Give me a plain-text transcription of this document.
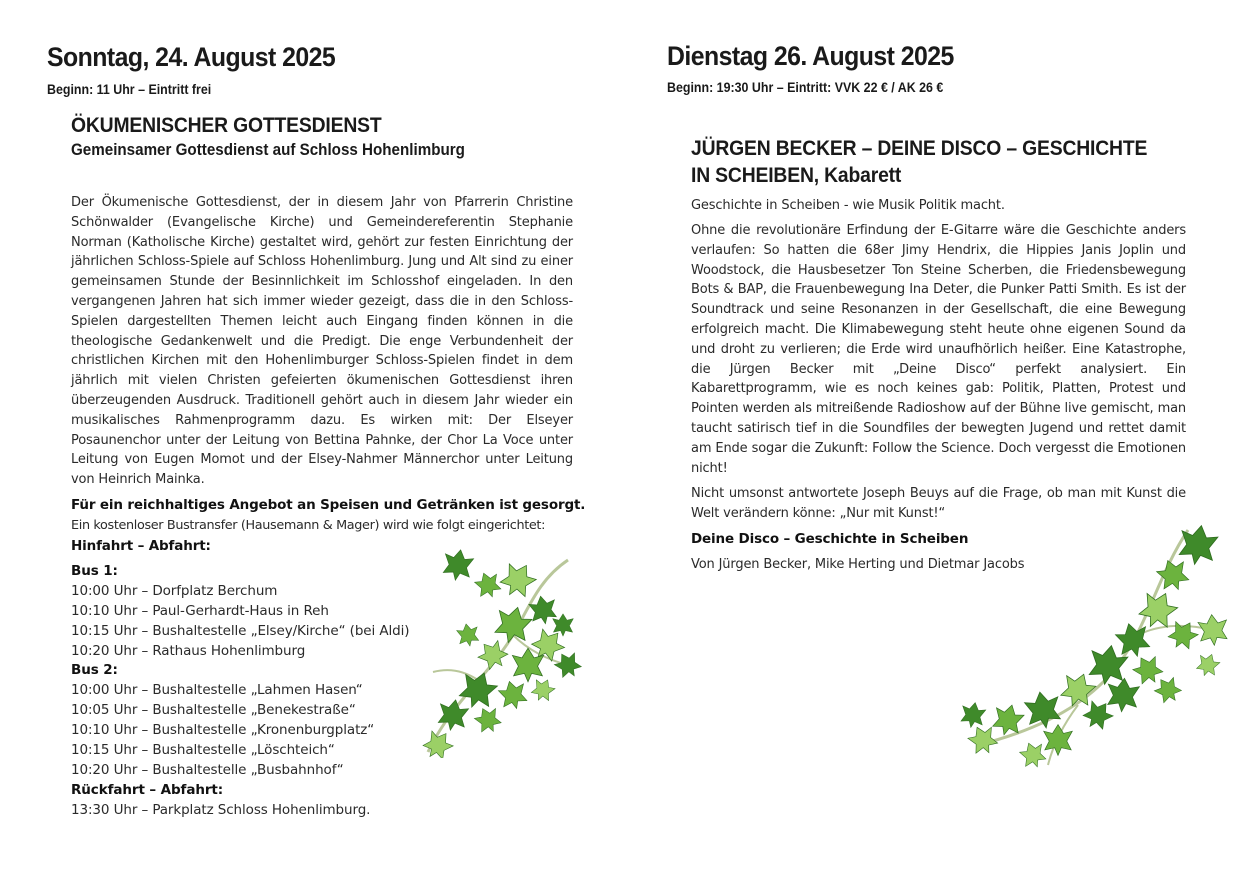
Sonntag, 24. August 2025

Beginn: 11 Uhr – Eintritt frei

ÖKUMENISCHER GOTTESDIENST
Gemeinsamer Gottesdienst auf Schloss Hohenlimburg

Der Ökumenische Gottesdienst, der in diesem Jahr von Pfarrerin Christine Schönwalder (Evangelische Kirche) und Gemeindereferentin Stephanie Norman (Katholische Kirche) gestaltet wird, gehört zur festen Einrichtung der jährlichen Schloss-Spiele auf Schloss Hohenlimburg. Jung und Alt sind zu einer gemeinsamen Stunde der Besinnlichkeit im Schlosshof eingeladen. In den vergangenen Jahren hat sich immer wieder gezeigt, dass die in den Schloss-Spielen dargestellten Themen leicht auch Eingang finden können in die theologische Gedankenwelt und die Predigt. Die enge Verbundenheit der christlichen Kirchen mit den Hohenlimburger Schloss-Spielen findet in dem jährlich mit vielen Christen gefeierten ökumenischen Gottesdienst ihren überzeugenden Ausdruck. Traditionell gehört auch in diesem Jahr wieder ein musikalisches Rahmenprogramm dazu. Es wirken mit: Der Elseyer Posaunenchor unter der Leitung von Bettina Pahnke, der Chor La Voce unter Leitung von Eugen Momot und der Elsey-Nahmer Männerchor unter Leitung von Heinrich Mainka.

Für ein reichhaltiges Angebot an Speisen und Getränken ist gesorgt.

Ein kostenloser Bustransfer (Hausemann & Mager) wird wie folgt eingerichtet:

Hinfahrt – Abfahrt:

Bus 1:
10:00 Uhr – Dorfplatz Berchum
10:10 Uhr – Paul-Gerhardt-Haus in Reh
10:15 Uhr – Bushaltestelle „Elsey/Kirche“ (bei Aldi)
10:20 Uhr – Rathaus Hohenlimburg
Bus 2:
10:00 Uhr – Bushaltestelle „Lahmen Hasen“
10:05 Uhr – Bushaltestelle „Benekestraße“
10:10 Uhr – Bushaltestelle „Kronenburgplatz“
10:15 Uhr – Bushaltestelle „Löschteich“
10:20 Uhr – Bushaltestelle „Busbahnhof“
Rückfahrt – Abfahrt:
13:30 Uhr – Parkplatz Schloss Hohenlimburg.
Dienstag 26. August 2025

Beginn: 19:30 Uhr – Eintritt: VVK 22 € / AK 26 €

JÜRGEN BECKER – DEINE DISCO – GESCHICHTE IN SCHEIBEN, Kabarett

Geschichte in Scheiben - wie Musik Politik macht.

Ohne die revolutionäre Erfindung der E-Gitarre wäre die Geschichte anders verlaufen: So hatten die 68er Jimy Hendrix, die Hippies Janis Joplin und Woodstock, die Hausbesetzer Ton Steine Scherben, die Friedensbewegung Bots & BAP, die Frauenbewegung Ina Deter, die Punker Patti Smith. Es ist der Soundtrack und seine Resonanzen in der Gesellschaft, die eine Bewegung erfolgreich macht. Die Klimabewegung steht heute ohne eigenen Sound da und droht zu verlieren; die Erde wird unaufhörlich heißer. Eine Katastrophe, die Jürgen Becker mit „Deine Disco“ perfekt analysiert. Ein Kabarettprogramm, wie es noch keines gab: Politik, Platten, Protest und Pointen werden als mitreißende Radioshow auf der Bühne live gemischt, man taucht satirisch tief in die Soundfiles der bewegten Jugend und rettet damit am Ende sogar die Zukunft: Follow the Science. Doch vergesst die Emotionen nicht!

Nicht umsonst antwortete Joseph Beuys auf die Frage, ob man mit Kunst die Welt verändern könne: „Nur mit Kunst!“

Deine Disco – Geschichte in Scheiben

Von Jürgen Becker, Mike Herting und Dietmar Jacobs
